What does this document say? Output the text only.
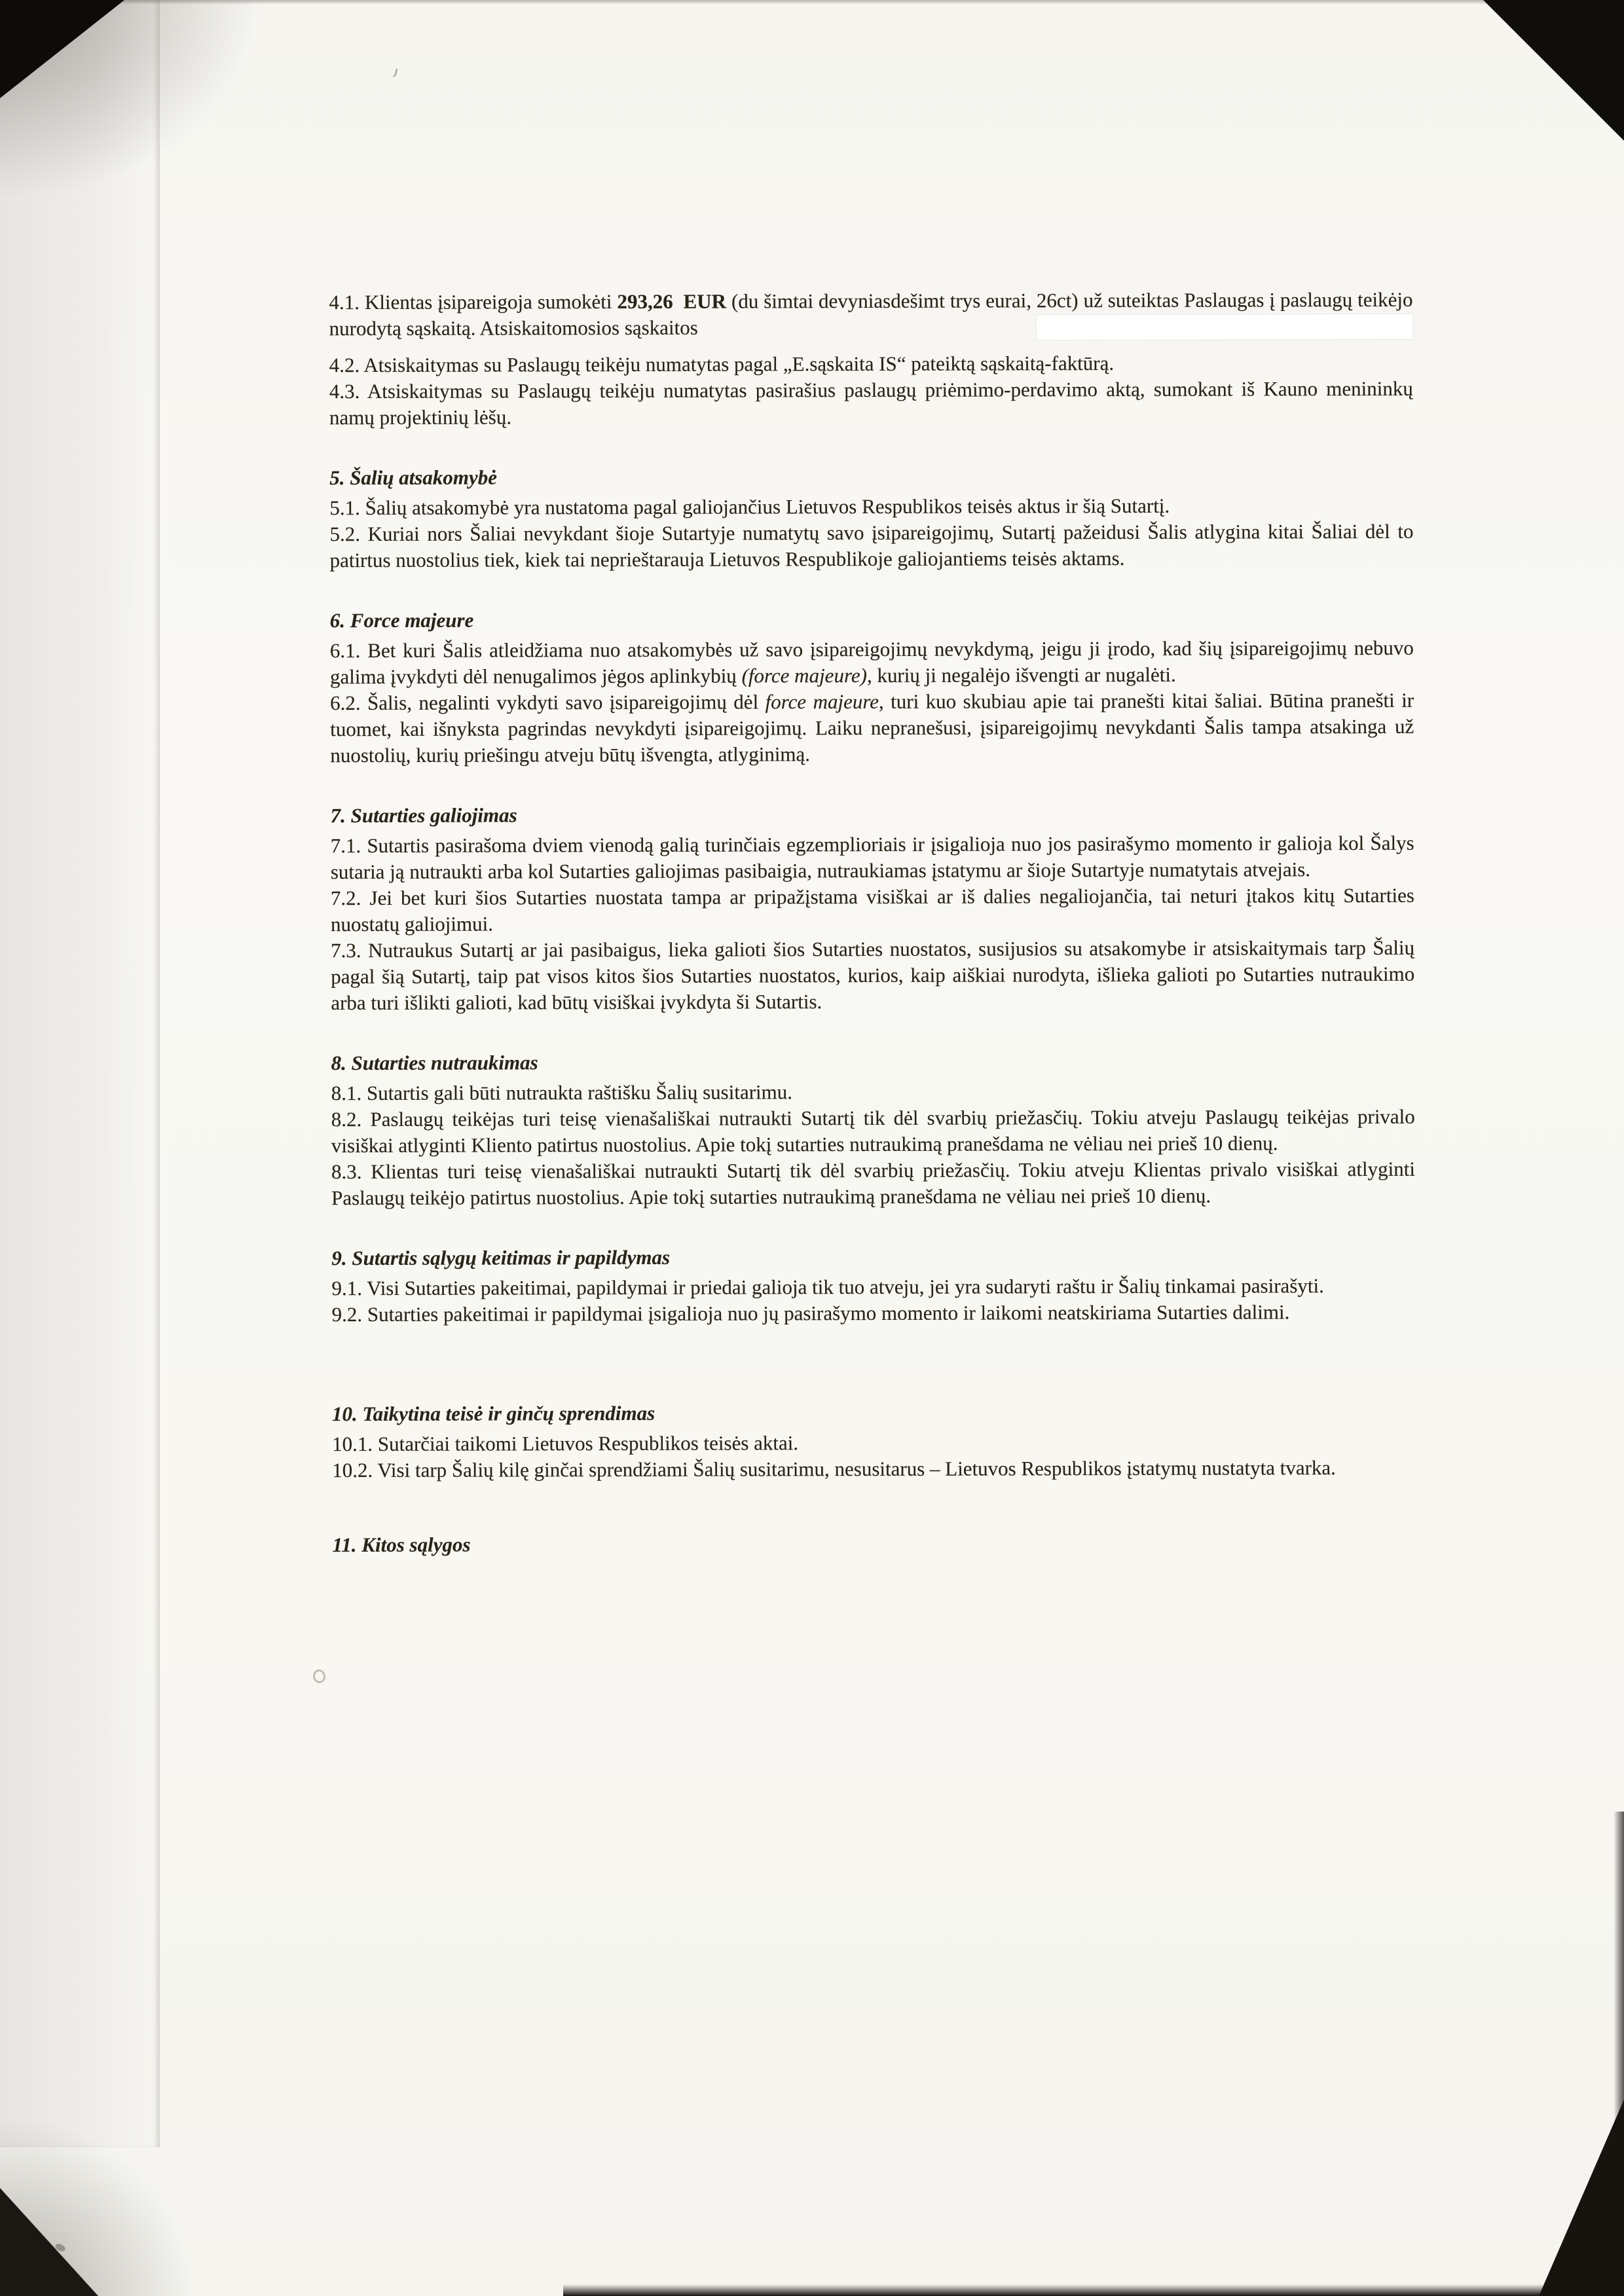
4.1. Klientas įsipareigoja sumokėti 293,26  EUR (du šimtai devyniasdešimt trys eurai, 26ct) už suteiktas Paslaugas į paslaugų teikėjo nurodytą sąskaitą. Atsiskaitomosios sąskaitos

4.2. Atsiskaitymas su Paslaugų teikėju numatytas pagal „E.sąskaita IS“ pateiktą sąskaitą-faktūrą.

4.3. Atsiskaitymas su Paslaugų teikėju numatytas pasirašius paslaugų priėmimo-perdavimo aktą, sumokant iš Kauno menininkų namų projektinių lėšų.

5. Šalių atsakomybė

5.1. Šalių atsakomybė yra nustatoma pagal galiojančius Lietuvos Respublikos teisės aktus ir šią Sutartį.

5.2. Kuriai nors Šaliai nevykdant šioje Sutartyje numatytų savo įsipareigojimų, Sutartį pažeidusi Šalis atlygina kitai Šaliai dėl to patirtus nuostolius tiek, kiek tai neprieštarauja Lietuvos Respublikoje galiojantiems teisės aktams.

6. Force majeure

6.1. Bet kuri Šalis atleidžiama nuo atsakomybės už savo įsipareigojimų nevykdymą, jeigu ji įrodo, kad šių įsipareigojimų nebuvo galima įvykdyti dėl nenugalimos jėgos aplinkybių (force majeure), kurių ji negalėjo išvengti ar nugalėti.

6.2. Šalis, negalinti vykdyti savo įsipareigojimų dėl force majeure, turi kuo skubiau apie tai pranešti kitai šaliai. Būtina pranešti ir tuomet, kai išnyksta pagrindas nevykdyti įsipareigojimų. Laiku nepranešusi, įsipareigojimų nevykdanti Šalis tampa atsakinga už nuostolių, kurių priešingu atveju būtų išvengta, atlyginimą.

7. Sutarties galiojimas

7.1. Sutartis pasirašoma dviem vienodą galią turinčiais egzemplioriais ir įsigalioja nuo jos pasirašymo momento ir galioja kol Šalys sutaria ją nutraukti arba kol Sutarties galiojimas pasibaigia, nutraukiamas įstatymu ar šioje Sutartyje numatytais atvejais.

7.2. Jei bet kuri šios Sutarties nuostata tampa ar pripažįstama visiškai ar iš dalies negaliojančia, tai neturi įtakos kitų Sutarties nuostatų galiojimui.

7.3. Nutraukus Sutartį ar jai pasibaigus, lieka galioti šios Sutarties nuostatos, susijusios su atsakomybe ir atsiskaitymais tarp Šalių pagal šią Sutartį, taip pat visos kitos šios Sutarties nuostatos, kurios, kaip aiškiai nurodyta, išlieka galioti po Sutarties nutraukimo arba turi išlikti galioti, kad būtų visiškai įvykdyta ši Sutartis.

8. Sutarties nutraukimas

8.1. Sutartis gali būti nutraukta raštišku Šalių susitarimu.

8.2. Paslaugų teikėjas turi teisę vienašališkai nutraukti Sutartį tik dėl svarbių priežasčių. Tokiu atveju Paslaugų teikėjas privalo visiškai atlyginti Kliento patirtus nuostolius. Apie tokį sutarties nutraukimą pranešdama ne vėliau nei prieš 10 dienų.

8.3. Klientas turi teisę vienašališkai nutraukti Sutartį tik dėl svarbių priežasčių. Tokiu atveju Klientas privalo visiškai atlyginti Paslaugų teikėjo patirtus nuostolius. Apie tokį sutarties nutraukimą pranešdama ne vėliau nei prieš 10 dienų.

9. Sutartis sąlygų keitimas ir papildymas

9.1. Visi Sutarties pakeitimai, papildymai ir priedai galioja tik tuo atveju, jei yra sudaryti raštu ir Šalių tinkamai pasirašyti.

9.2. Sutarties pakeitimai ir papildymai įsigalioja nuo jų pasirašymo momento ir laikomi neatskiriama Sutarties dalimi.

10. Taikytina teisė ir ginčų sprendimas

10.1. Sutarčiai taikomi Lietuvos Respublikos teisės aktai.

10.2. Visi tarp Šalių kilę ginčai sprendžiami Šalių susitarimu, nesusitarus – Lietuvos Respublikos įstatymų nustatyta tvarka.

11. Kitos sąlygos
